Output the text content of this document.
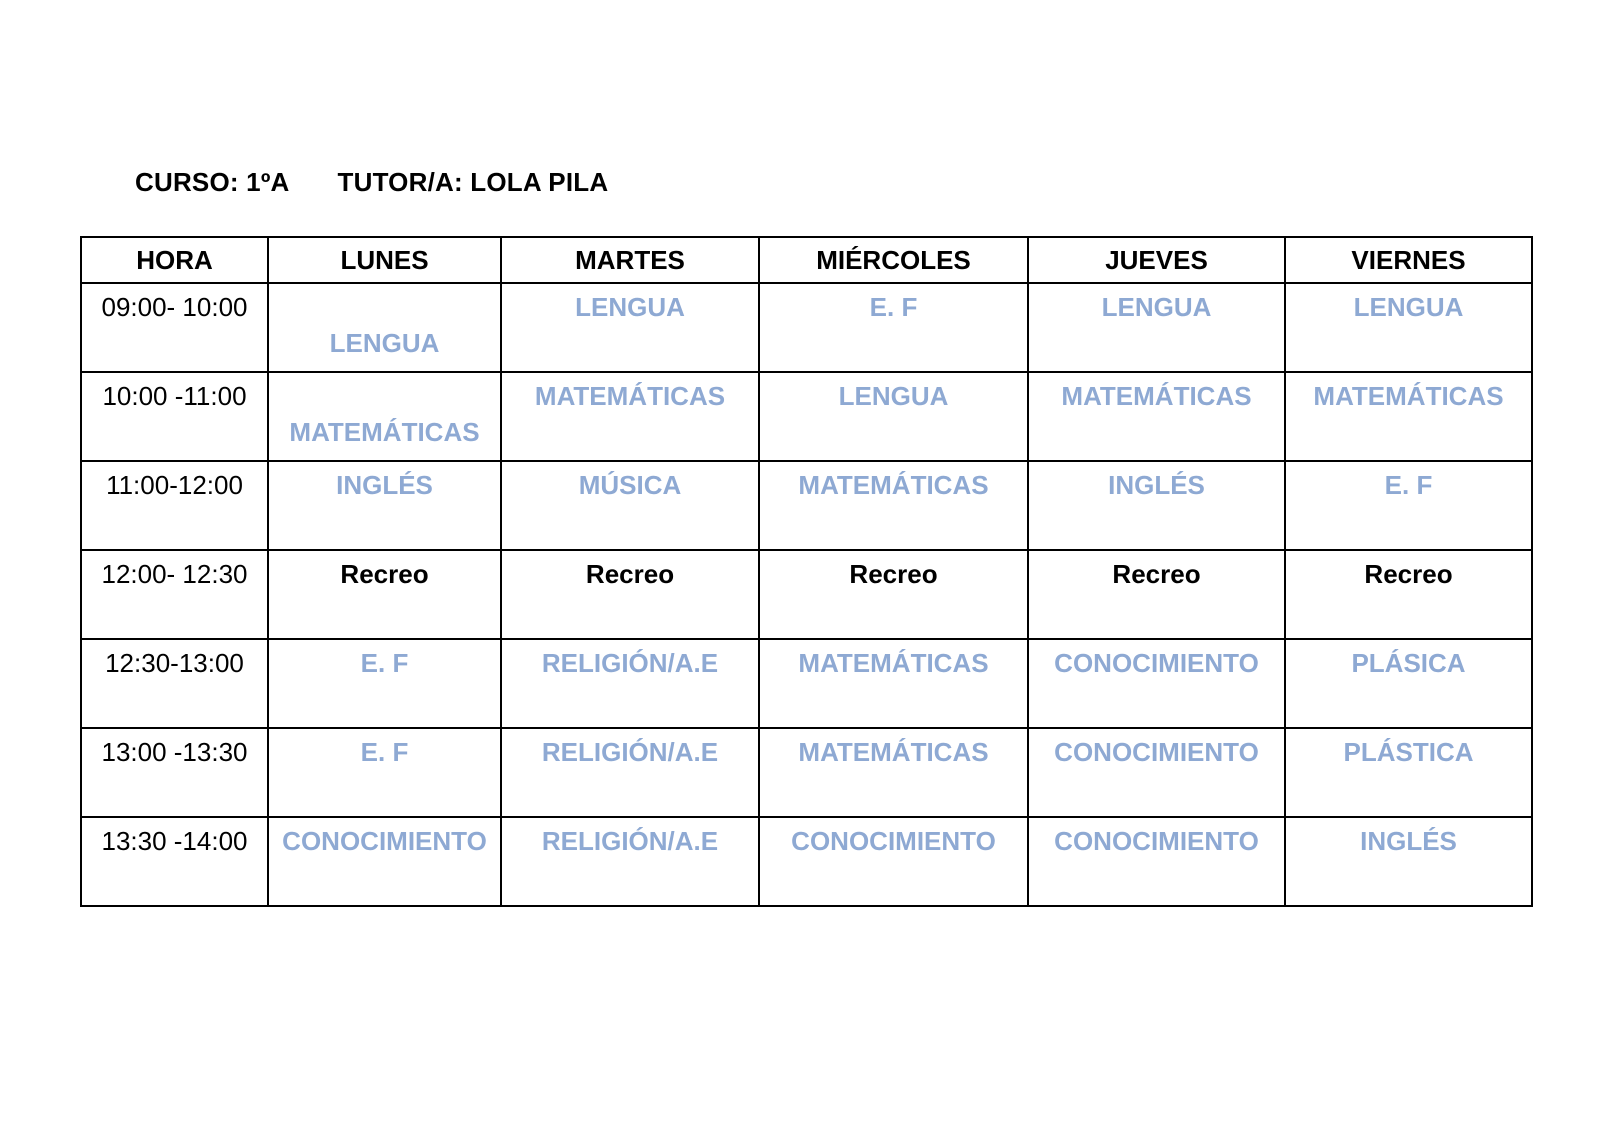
CURSO: 1ºA TUTOR/A: LOLA PILA
HORA	LUNES	MARTES	MIÉRCOLES	JUEVES	VIERNES
09:00- 10:00	LENGUA	LENGUA	E. F	LENGUA	LENGUA
10:00 -11:00	MATEMÁTICAS	MATEMÁTICAS	LENGUA	MATEMÁTICAS	MATEMÁTICAS
11:00-12:00	INGLÉS	MÚSICA	MATEMÁTICAS	INGLÉS	E. F
12:00- 12:30	Recreo	Recreo	Recreo	Recreo	Recreo
12:30-13:00	E. F	RELIGIÓN/A.E	MATEMÁTICAS	CONOCIMIENTO	PLÁSICA
13:00 -13:30	E. F	RELIGIÓN/A.E	MATEMÁTICAS	CONOCIMIENTO	PLÁSTICA
13:30 -14:00	CONOCIMIENTO	RELIGIÓN/A.E	CONOCIMIENTO	CONOCIMIENTO	INGLÉS
